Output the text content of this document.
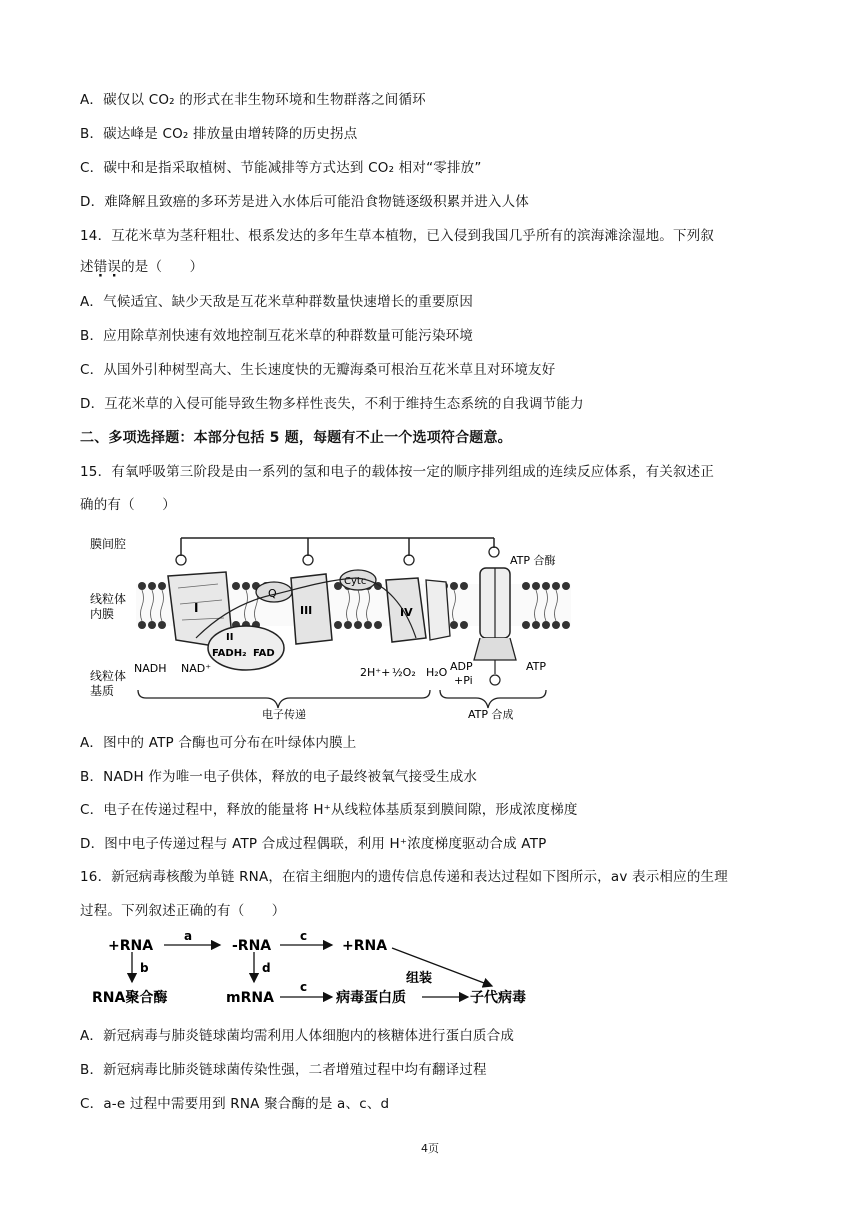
A．碳仅以 CO₂ 的形式在非生物环境和生物群落之间循环
B．碳达峰是 CO₂ 排放量由增转降的历史拐点
C．碳中和是指采取植树、节能减排等方式达到 CO₂ 相对“零排放”
D．难降解且致癌的多环芳是进入水体后可能沿食物链逐级积累并进入人体
14．互花米草为茎秆粗壮、根系发达的多年生草本植物，已入侵到我国几乎所有的滨海滩涂湿地。下列叙
述错误的是（　　）
A．气候适宜、缺少天敌是互花米草种群数量快速增长的重要原因
B．应用除草剂快速有效地控制互花米草的种群数量可能污染环境
C．从国外引种树型高大、生长速度快的无瓣海桑可根治互花米草且对环境友好
D．互花米草的入侵可能导致生物多样性丧失，不利于维持生态系统的自我调节能力
二、多项选择题：本部分包括 5 题，每题有不止一个选项符合题意。
15．有氧呼吸第三阶段是由一系列的氢和电子的载体按一定的顺序排列组成的连续反应体系，有关叙述正
确的有（　　）
膜间腔
线粒体
内膜
线粒体
基质
I
Q
II
FADH₂ FAD
III
Cytc
IV
ATP 合酶
NADH NAD⁺	2H⁺+ ½O₂ H₂O ADP
+Pi
ATP
电子传递	ATP 合成
A．图中的 ATP 合酶也可分布在叶绿体内膜上
B．NADH 作为唯一电子供体，释放的电子最终被氧气接受生成水
C．电子在传递过程中，释放的能量将 H⁺从线粒体基质泵到膜间隙，形成浓度梯度
D．图中电子传递过程与 ATP 合成过程偶联，利用 H⁺浓度梯度驱动合成 ATP
16．新冠病毒核酸为单链 RNA，在宿主细胞内的遗传信息传递和表达过程如下图所示，av 表示相应的生理
过程。下列叙述正确的有（　　）
+RNA	-RNA	+RNA
a	c
b	d
RNA聚合酶	mRNA
c
病毒蛋白质	子代病毒
组装
A．新冠病毒与肺炎链球菌均需利用人体细胞内的核糖体进行蛋白质合成
B．新冠病毒比肺炎链球菌传染性强，二者增殖过程中均有翻译过程
C．a-e 过程中需要用到 RNA 聚合酶的是 a、c、d
4页
